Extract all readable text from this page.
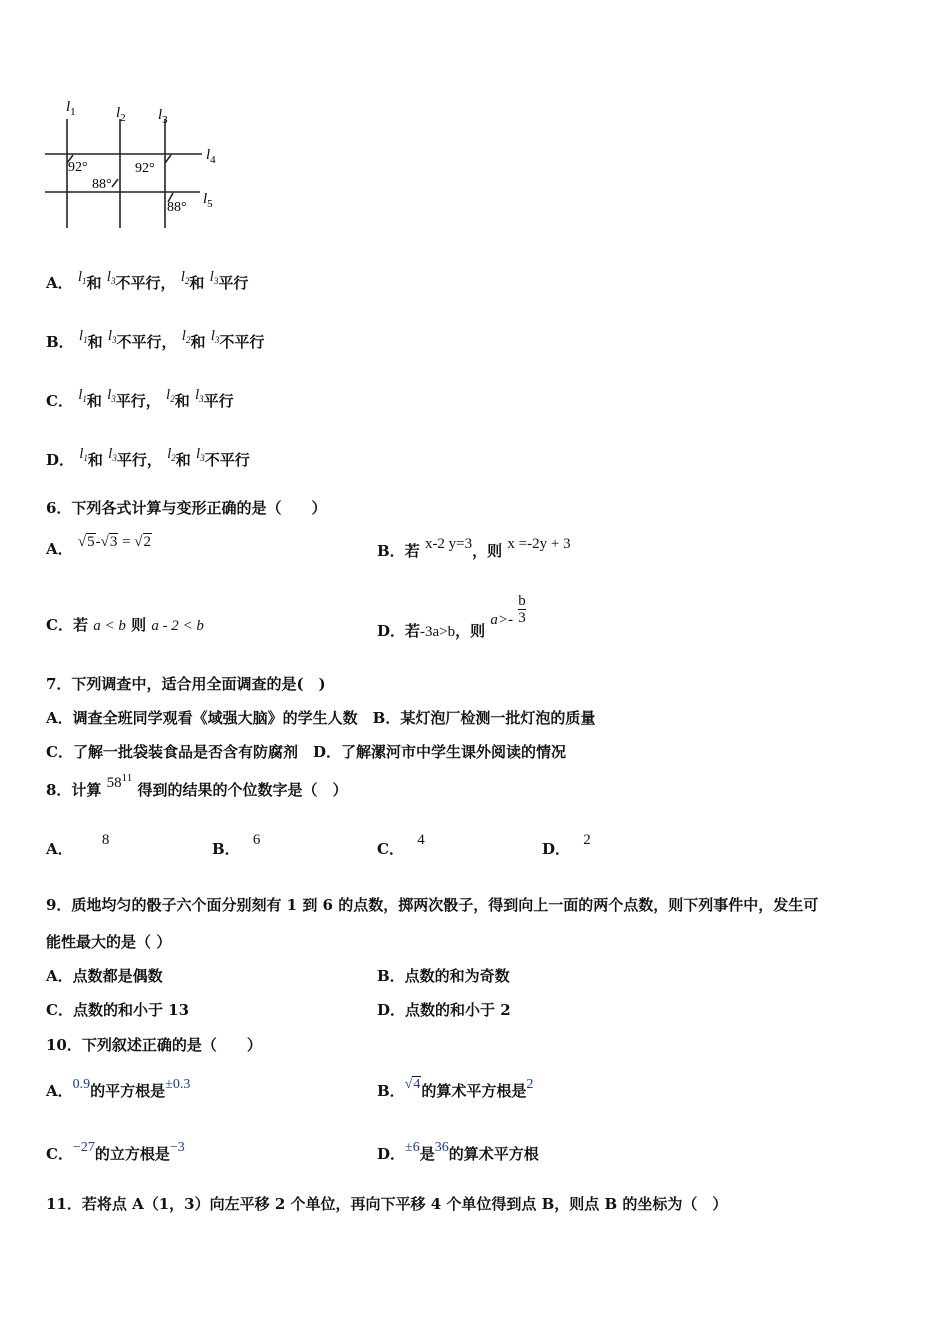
$l_1$	$l_2$ $l_3$
$l_4$
$l_5$
92°
88°
92°
88°
A． $l_1$和 $l_3$不平行， $l_2$和 $l_3$平行
B． $l_1$和 $l_3$不平行， $l_2$和 $l_3$不平行
C． $l_1$和 $l_3$平行， $l_2$和 $l_3$平行
D． $l_1$和 $l_3$平行， $l_2$和 $l_3$不平行
6．下列各式计算与变形正确的是（　　）
A． √5-√3 = √2	B．若 x-2 y=3，则 x =-2y + 3
C．若 a < b 则 a - 2 < b	D．若-3a>b，则 $a>- \frac{b}{3}$
7．下列调查中，适合用全面调查的是(　)
A．调查全班同学观看《域强大脑》的学生人数　B．某灯泡厂检测一批灯泡的质量
C．了解一批袋装食品是否含有防腐剂　D．了解漯河市中学生课外阅读的情况
8．计算 $58^{11}$ 得到的结果的个位数字是（　）
A． 8	B． 6	C． 4	D． 2
9．质地均匀的骰子六个面分别刻有 1 到 6 的点数，掷两次骰子，得到向上一面的两个点数，则下列事件中，发生可
能性最大的是（ ）
A．点数都是偶数	B．点数的和为奇数
C．点数的和小于 13	D．点数的和小于 2
10．下列叙述正确的是（　　）
A．0.9的平方根是±0.3	B．√4的算术平方根是2
C．−27的立方根是−3	D．±6是36的算术平方根
11．若将点 A（1，3）向左平移 2 个单位，再向下平移 4 个单位得到点 B，则点 B 的坐标为（　）
